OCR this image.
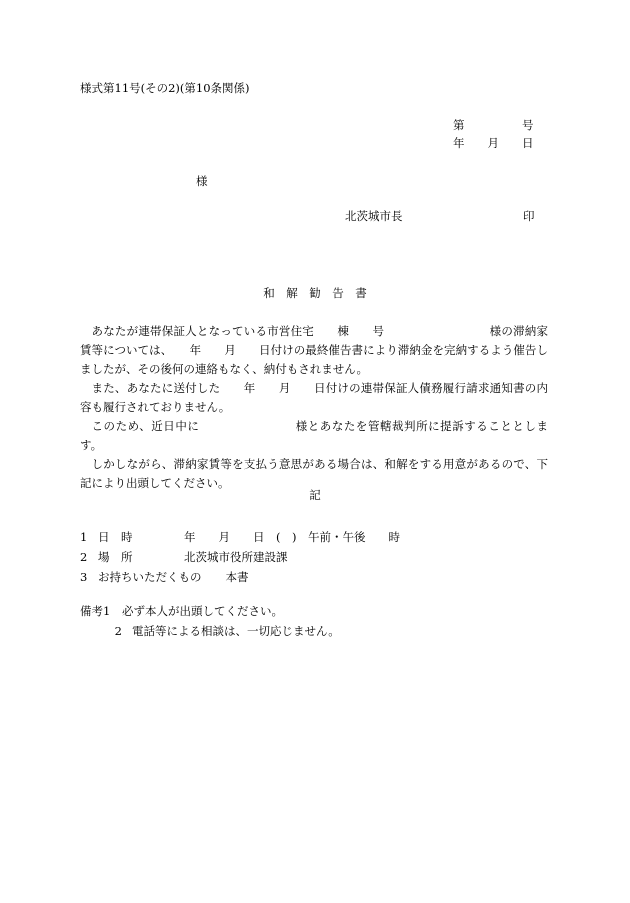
様式第11号(その2)(第10条関係)
第　　　　　号
年　　月　　日
様
北茨城市長	印
和　解　勧　告　書

あなたが連帯保証人となっている市営住宅　　棟　　号　　　　　　　　　様の滞納家賃等については、　　年　　月　　日付けの最終催告書により滞納金を完納するよう催告しましたが、その後何の連絡もなく、納付もされません。

また、あなたに送付した　　年　　月　　日付けの連帯保証人債務履行請求通知書の内容も履行されておりません。

このため、近日中に　　　　　　　　様とあなたを管轄裁判所に提訴することとします。

しかしながら、滞納家賃等を支払う意思がある場合は、和解をする用意があるので、下記により出頭してください。

記
1 日　時	年　　月　　日　(　)　午前・午後　　時
2 場　所	北茨城市役所建設課
3 お持ちいただくもの 本書
備考1 必ず本人が出頭してください。
2 電話等による相談は、一切応じません。
